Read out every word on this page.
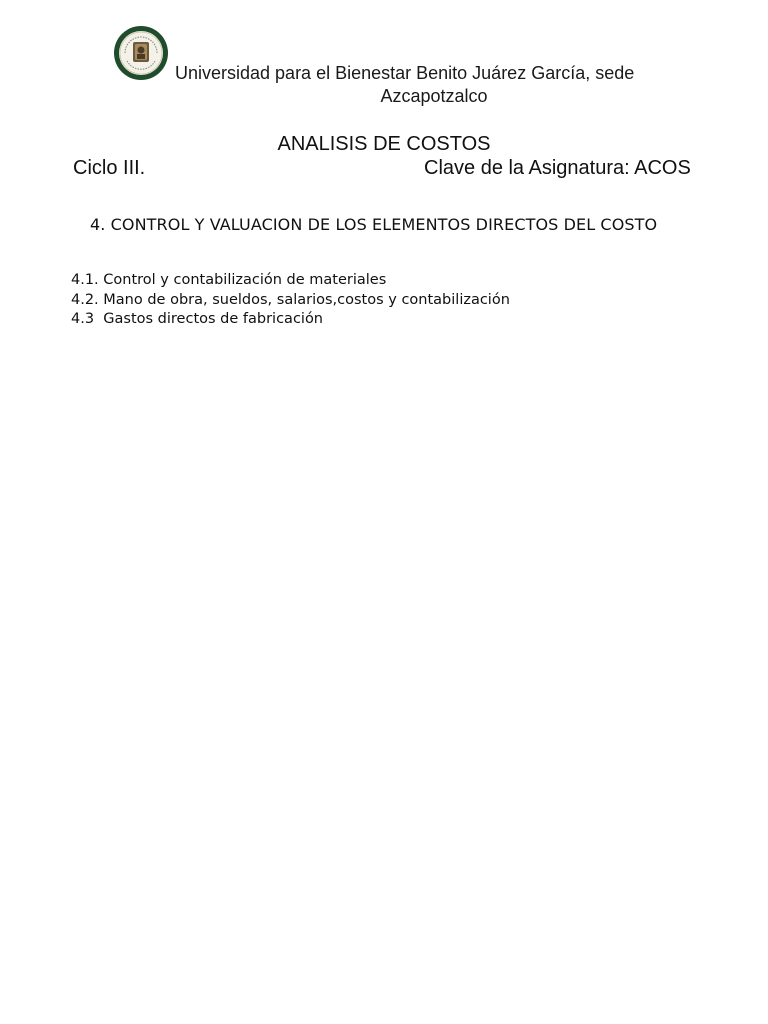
Universidad para el Bienestar Benito Juárez García, sede
Azcapotzalco
ANALISIS DE COSTOS
Ciclo III.	Clave de la Asignatura: ACOS
4. CONTROL Y VALUACION DE LOS ELEMENTOS DIRECTOS DEL COSTO
4.1. Control y contabilización de materiales
4.2. Mano de obra, sueldos, salarios,costos y contabilización
4.3  Gastos directos de fabricación
